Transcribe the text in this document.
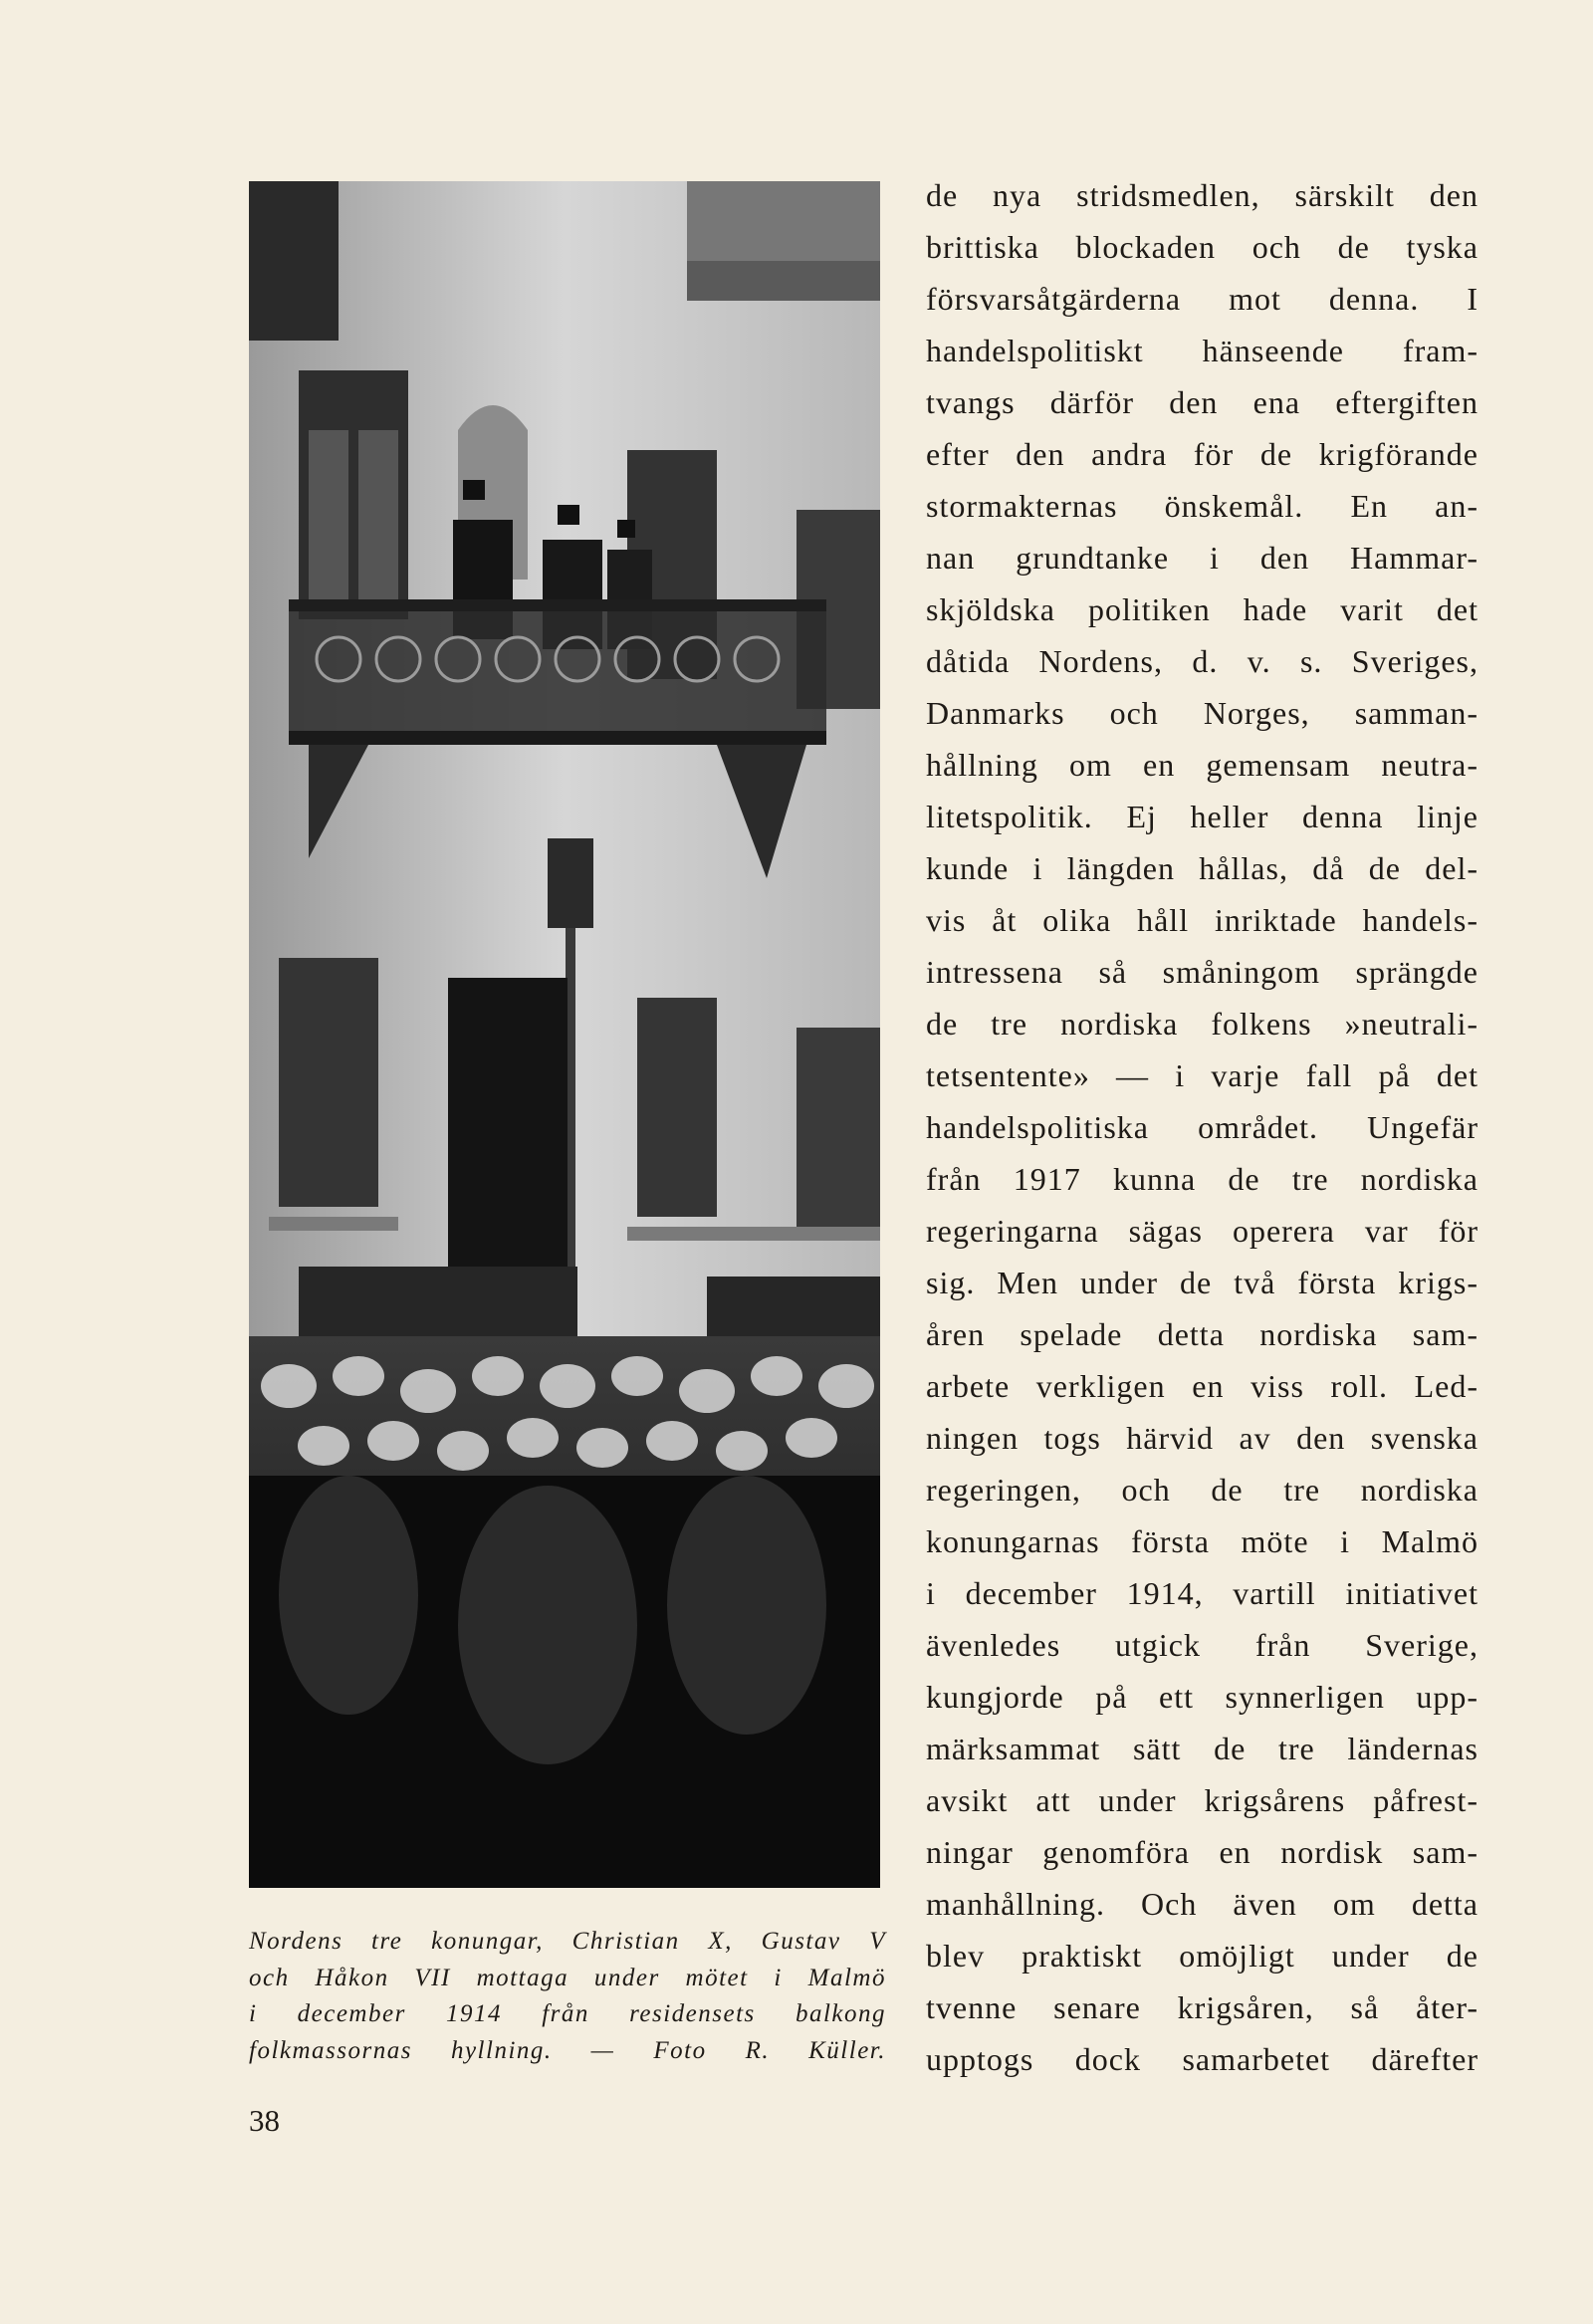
Nordens tre konungar, Christian X, Gustav V
och Håkon VII mottaga under mötet i Malmö
i december 1914 från residensets balkong
folkmassornas hyllning. — Foto R. Küller.
de nya stridsmedlen, särskilt den
brittiska blockaden och de tyska
försvarsåtgärderna mot denna. I
handelspolitiskt hänseende fram-
tvangs därför den ena eftergiften
efter den andra för de krigförande
stormakternas önskemål. En an-
nan grundtanke i den Hammar-
skjöldska politiken hade varit det
dåtida Nordens, d. v. s. Sveriges,
Danmarks och Norges, samman-
hållning om en gemensam neutra-
litetspolitik. Ej heller denna linje
kunde i längden hållas, då de del-
vis åt olika håll inriktade handels-
intressena så småningom sprängde
de tre nordiska folkens »neutrali-
tetsentente» — i varje fall på det
handelspolitiska området. Ungefär
från 1917 kunna de tre nordiska
regeringarna sägas operera var för
sig. Men under de två första krigs-
åren spelade detta nordiska sam-
arbete verkligen en viss roll. Led-
ningen togs härvid av den svenska
regeringen, och de tre nordiska
konungarnas första möte i Malmö
i december 1914, vartill initiativet
ävenledes utgick från Sverige,
kungjorde på ett synnerligen upp-
märksammat sätt de tre ländernas
avsikt att under krigsårens påfrest-
ningar genomföra en nordisk sam-
manhållning. Och även om detta
blev praktiskt omöjligt under de
tvenne senare krigsåren, så åter-
upptogs dock samarbetet därefter
38
